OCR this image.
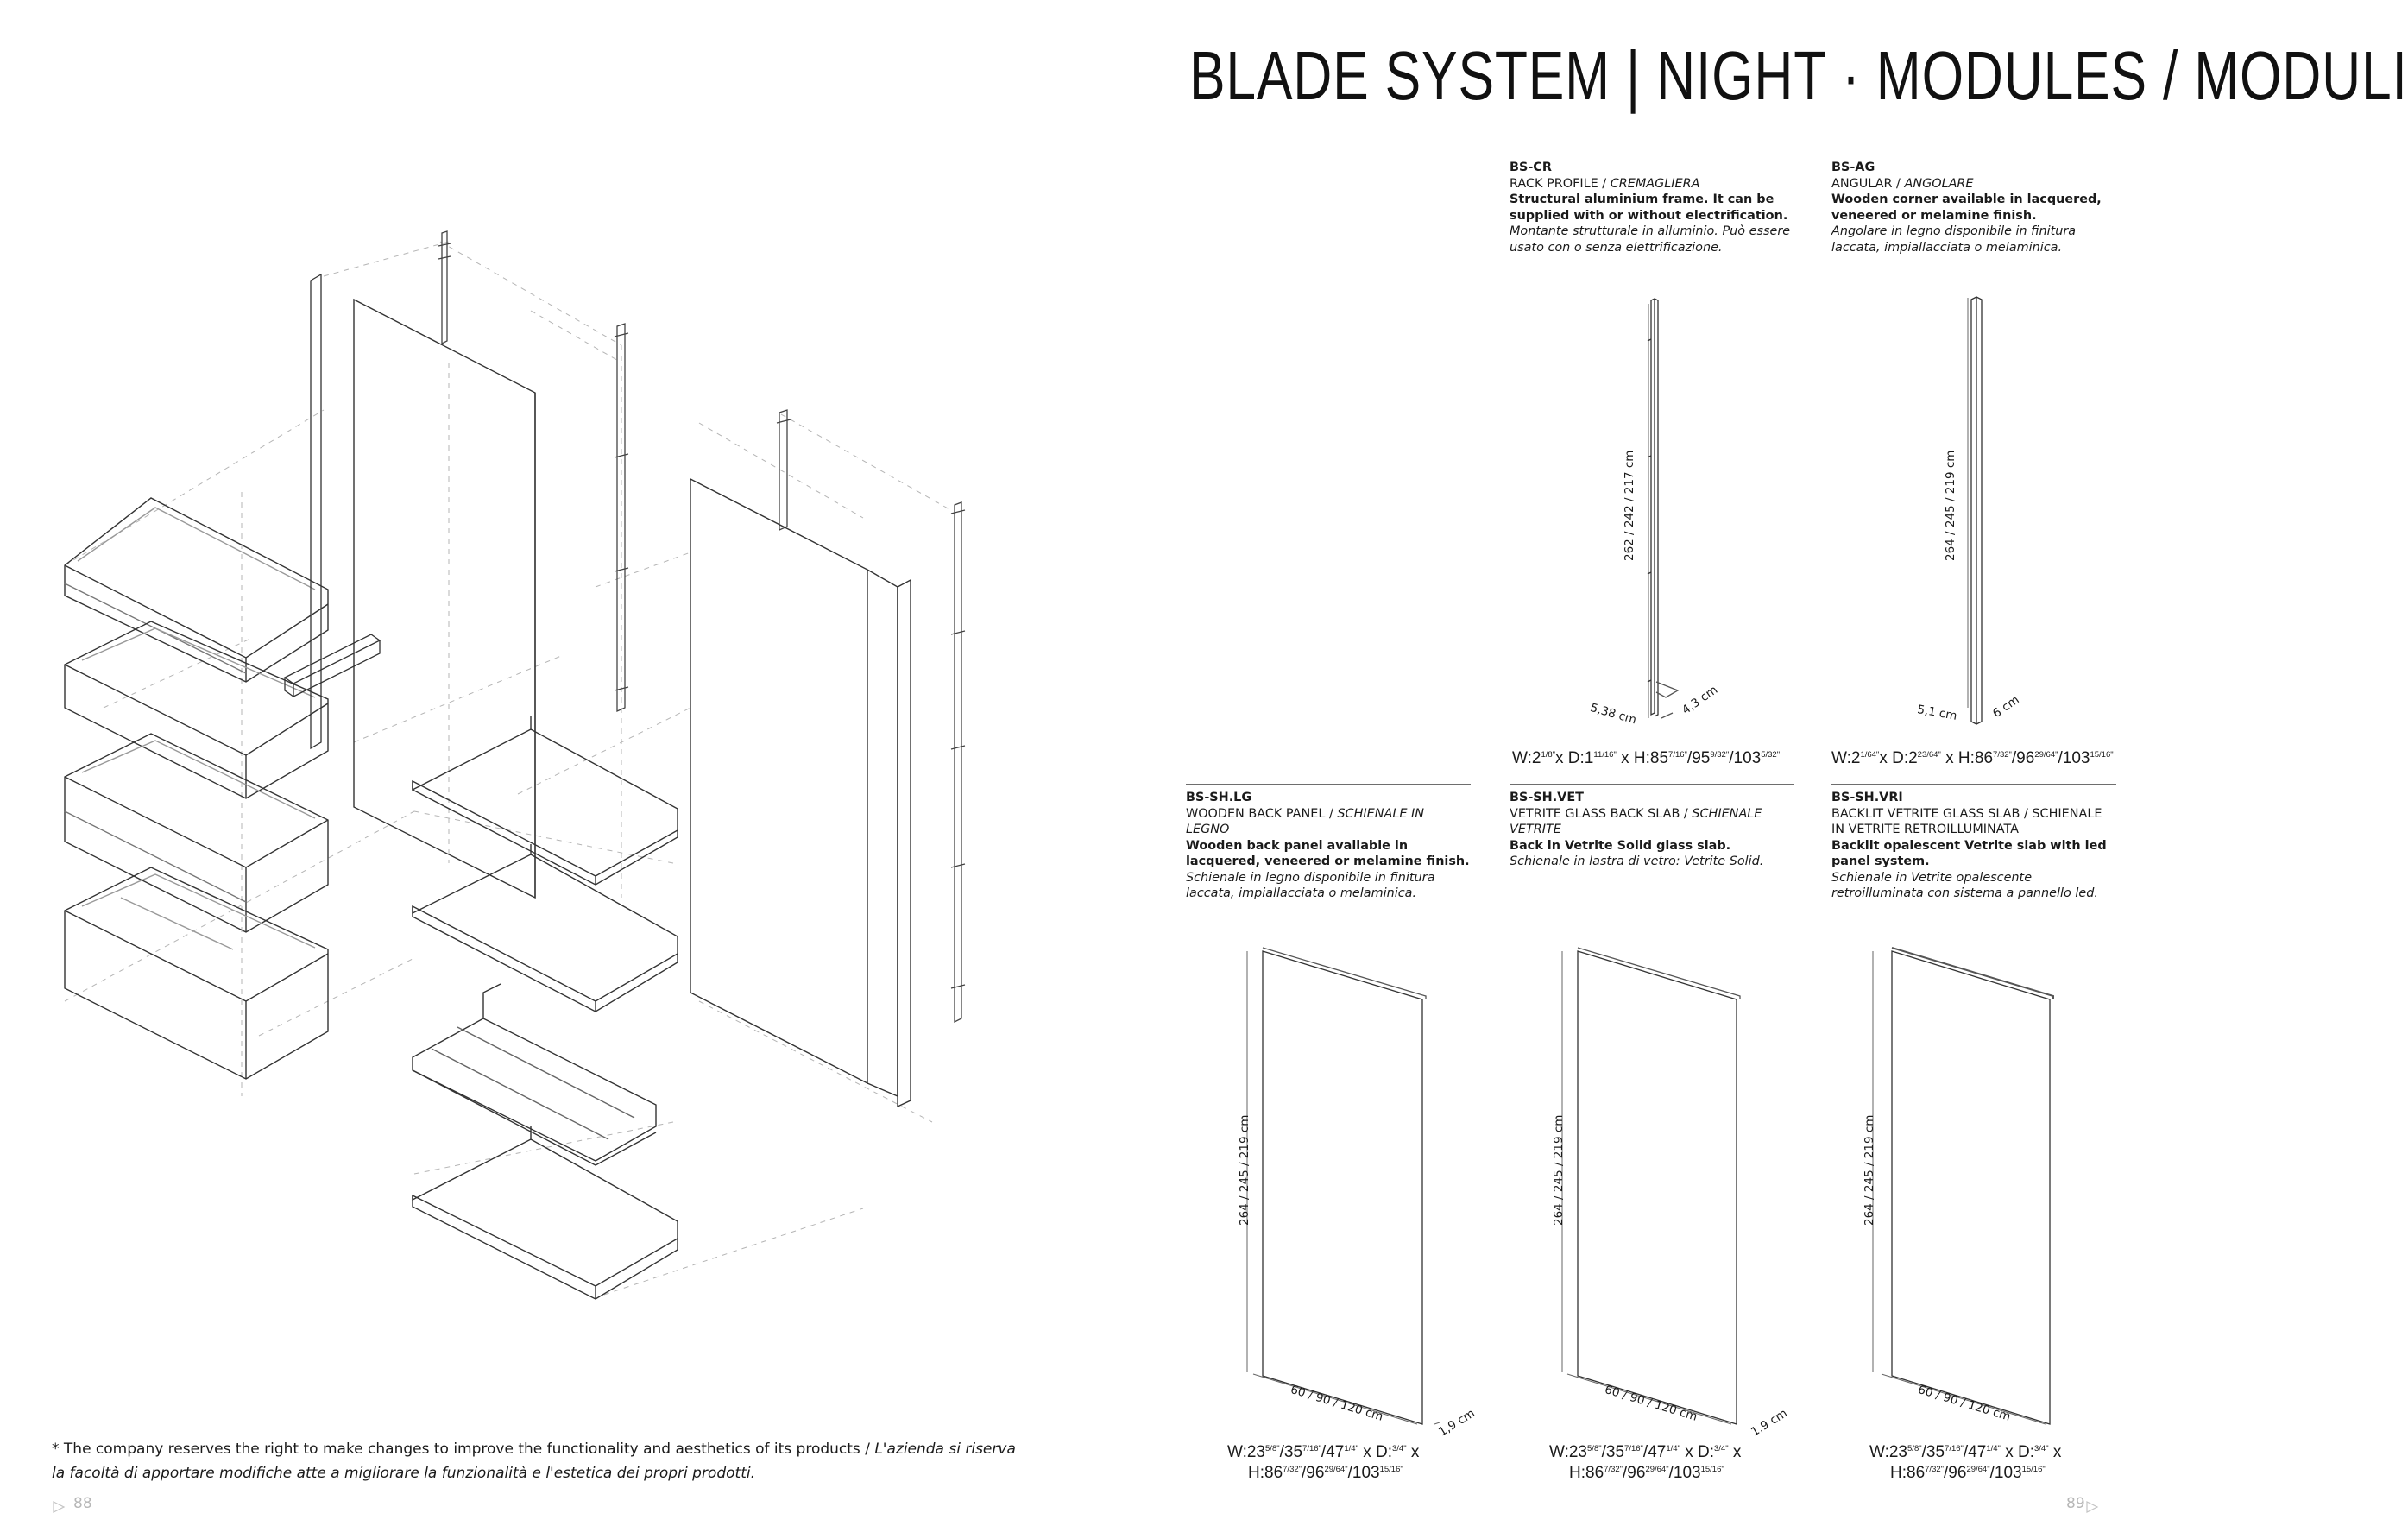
BLADE SYSTEM | NIGHT · MODULES / MODULI
BS-CR
RACK PROFILE / CREMAGLIERA
Structural aluminium frame. It can be supplied with or without electrification.
Montante strutturale in alluminio. Può essere usato con o senza elettrificazione.
BS-AG
ANGULAR / ANGOLARE
Wooden corner available in lacquered, veneered or melamine finish.
Angolare in legno disponibile in finitura laccata, impiallacciata o melaminica.
BS-SH.LG
WOODEN BACK PANEL / SCHIENALE IN LEGNO
Wooden back panel available in lacquered, veneered or melamine finish.
Schienale in legno disponibile in finitura laccata, impiallacciata o melaminica.
BS-SH.VET
VETRITE GLASS BACK SLAB / SCHIENALE VETRITE
Back in Vetrite Solid glass slab.
Schienale in lastra di vetro: Vetrite Solid.
BS-SH.VRI
BACKLIT VETRITE GLASS SLAB / SCHIENALE IN VETRITE RETROILLUMINATA
Backlit opalescent Vetrite slab with led panel system.
Schienale in Vetrite opalescente retroilluminata con sistema a pannello led.
262 / 242 / 217 cm	264 / 245 / 219 cm
264 / 245 / 219 cm	264 / 245 / 219 cm	264 / 245 / 219 cm
5,38 cm	4,3 cm	5,1 cm	6 cm
60 / 90 / 120 cm	1,9 cm	60 / 90 / 120 cm	1,9 cm	60 / 90 / 120 cm
$W:2^{1/8"}x$ $D:1^{11/16"}$ x $H:85^{7/16"}/95^{9/32"}/103^{5/32"}$	$W:2^{1/64"}x$ $D:2^{23/64"}$ x $H:86^{7/32"}/96^{29/64"}/103^{15/16"}$
$W:23^{5/8"}/35^{7/16"}/47^{1/4"}$ x D:$^{3/4"}$ x
$H:86^{7/32"}/96^{29/64"}/103^{15/16"}$
$W:23^{5/8"}/35^{7/16"}/47^{1/4"}$ x D:$^{3/4"}$ x
$H:86^{7/32"}/96^{29/64"}/103^{15/16"}$
$W:23^{5/8"}/35^{7/16"}/47^{1/4"}$ x D:$^{3/4"}$ x
$H:86^{7/32"}/96^{29/64"}/103^{15/16"}$
* The company reserves the right to make changes to improve the functionality and aesthetics of its products / L'azienda si riserva
la facoltà di apportare modifiche atte a migliorare la funzionalità e l'estetica dei propri prodotti.
88	89
